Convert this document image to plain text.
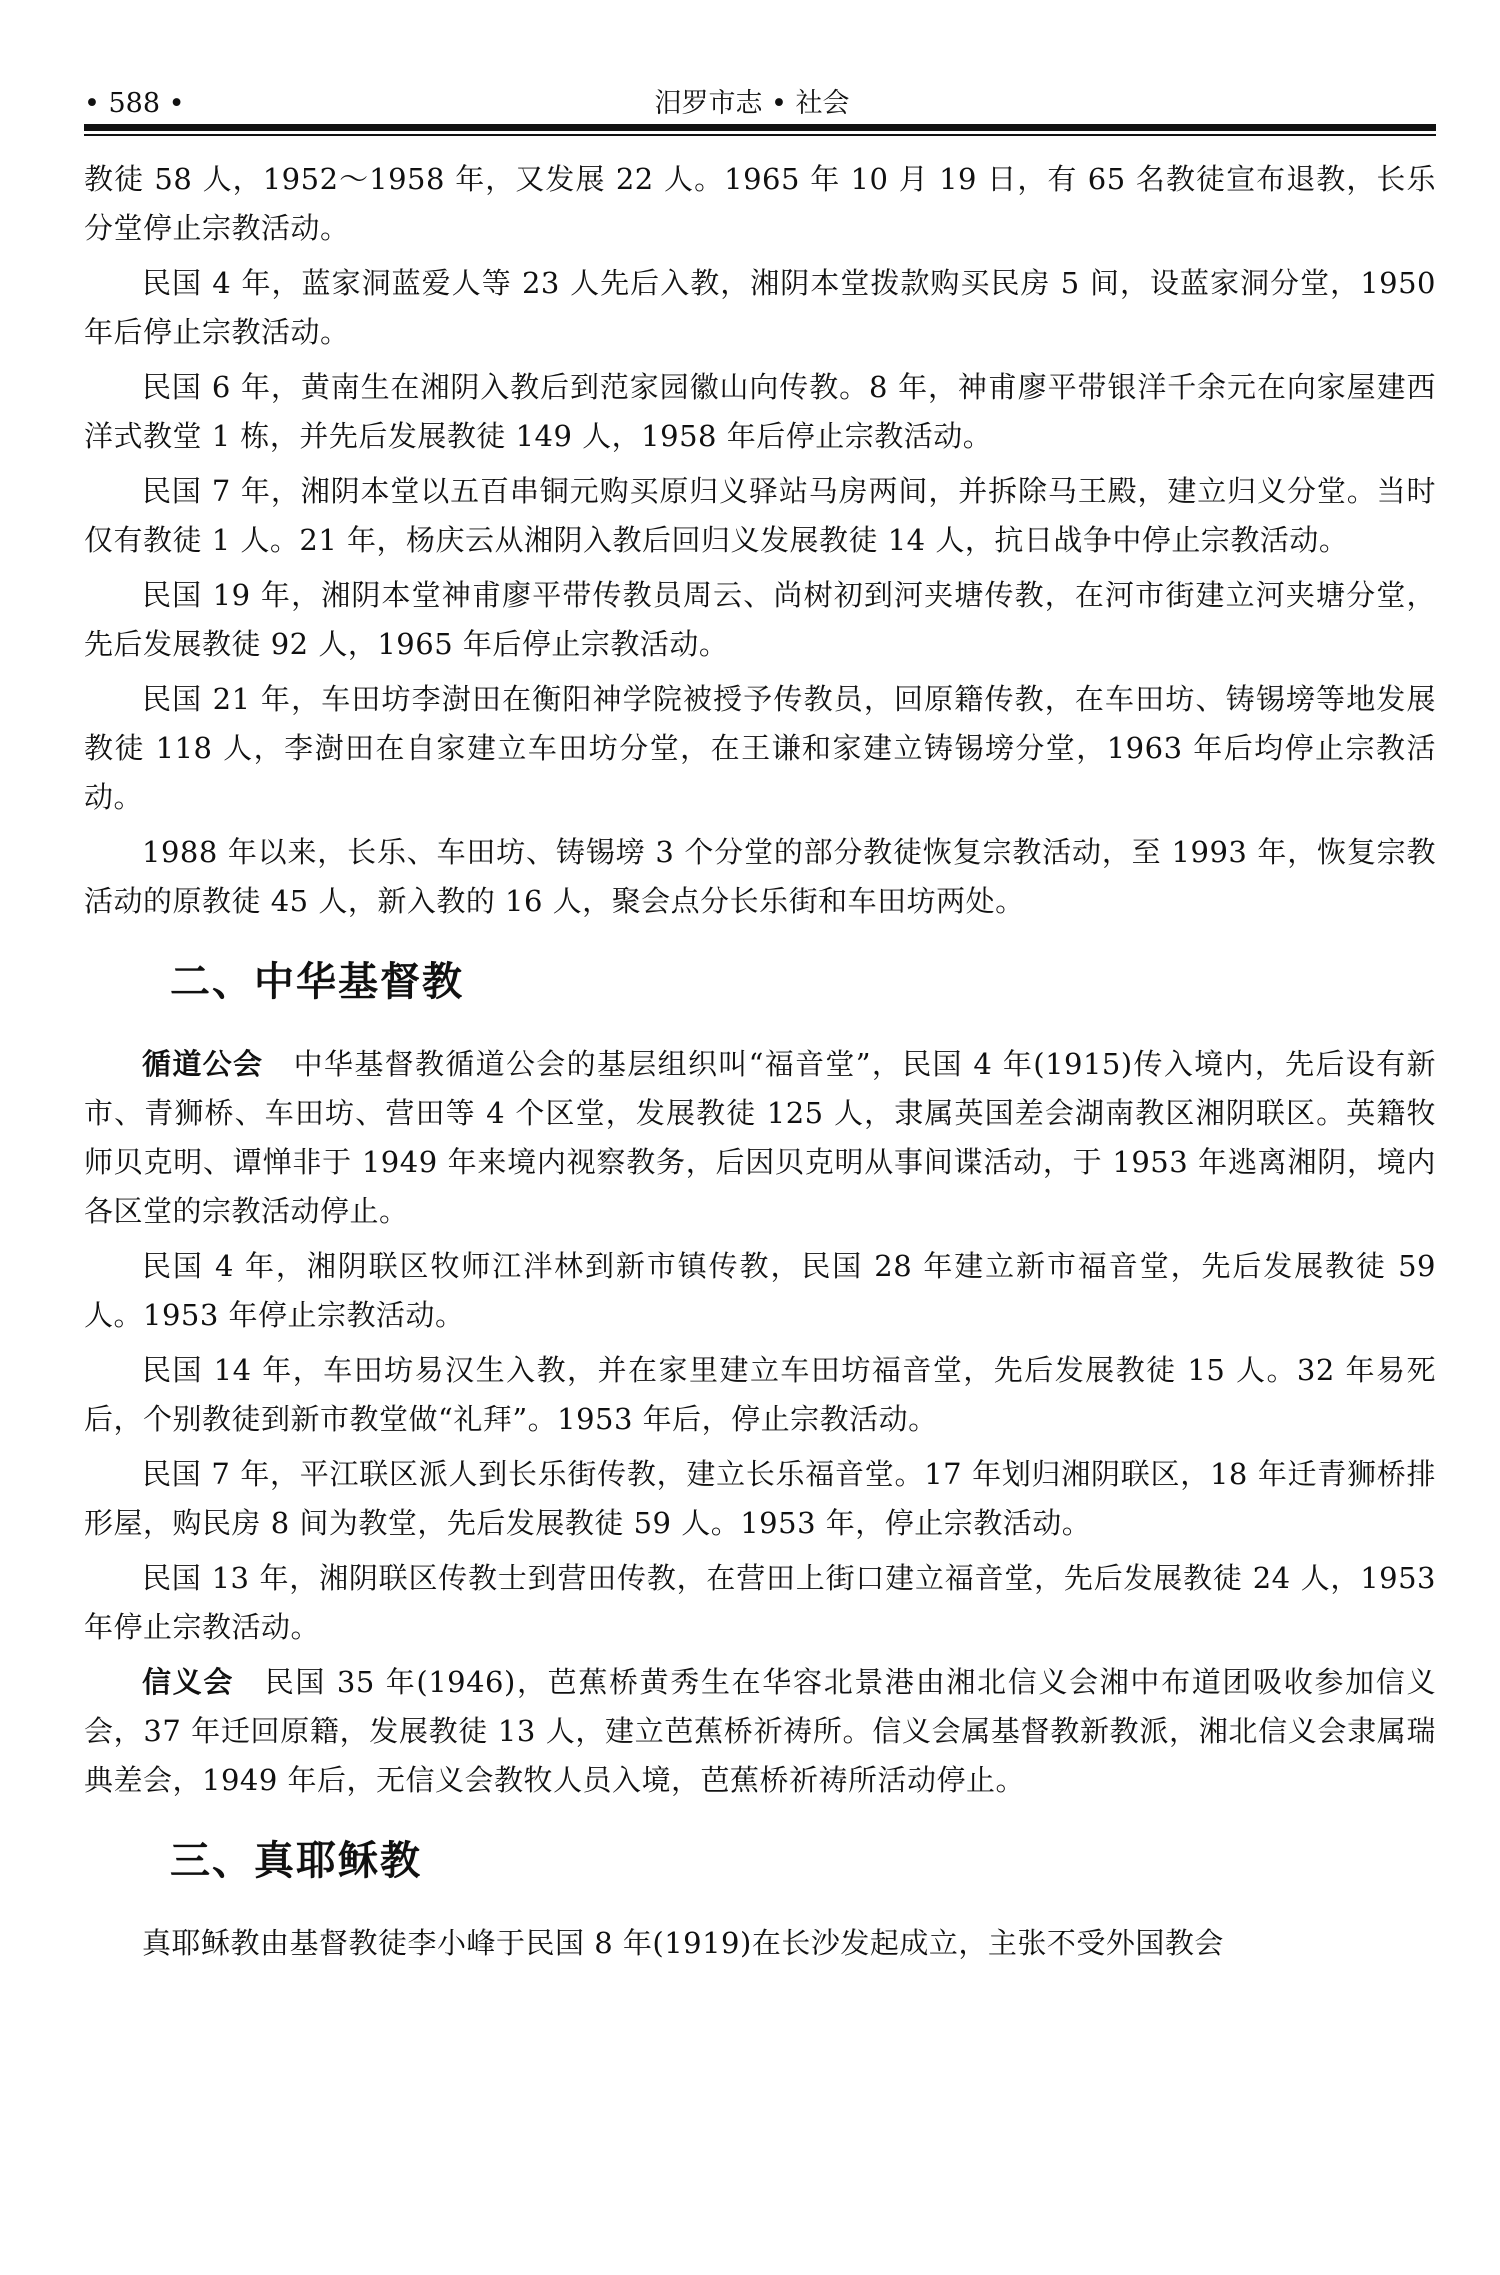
• 588 •	汨罗市志 • 社会

教徒 58 人，1952～1958 年，又发展 22 人。1965 年 10 月 19 日，有 65 名教徒宣布退教，长乐分堂停止宗教活动。

民国 4 年，蓝家洞蓝爱人等 23 人先后入教，湘阴本堂拨款购买民房 5 间，设蓝家洞分堂，1950 年后停止宗教活动。

民国 6 年，黄南生在湘阴入教后到范家园徽山向传教。8 年，神甫廖平带银洋千余元在向家屋建西洋式教堂 1 栋，并先后发展教徒 149 人，1958 年后停止宗教活动。

民国 7 年，湘阴本堂以五百串铜元购买原归义驿站马房两间，并拆除马王殿，建立归义分堂。当时仅有教徒 1 人。21 年，杨庆云从湘阴入教后回归义发展教徒 14 人，抗日战争中停止宗教活动。

民国 19 年，湘阴本堂神甫廖平带传教员周云、尚树初到河夹塘传教，在河市街建立河夹塘分堂，先后发展教徒 92 人，1965 年后停止宗教活动。

民国 21 年，车田坊李澍田在衡阳神学院被授予传教员，回原籍传教，在车田坊、铸锡塝等地发展教徒 118 人，李澍田在自家建立车田坊分堂，在王谦和家建立铸锡塝分堂，1963 年后均停止宗教活动。

1988 年以来，长乐、车田坊、铸锡塝 3 个分堂的部分教徒恢复宗教活动，至 1993 年，恢复宗教活动的原教徒 45 人，新入教的 16 人，聚会点分长乐街和车田坊两处。

二、中华基督教

循道公会　 中华基督教循道公会的基层组织叫“福音堂”，民国 4 年(1915)传入境内，先后设有新市、青狮桥、车田坊、营田等 4 个区堂，发展教徒 125 人，隶属英国差会湖南教区湘阴联区。英籍牧师贝克明、谭惮非于 1949 年来境内视察教务，后因贝克明从事间谍活动，于 1953 年逃离湘阴，境内各区堂的宗教活动停止。

民国 4 年，湘阴联区牧师江泮林到新市镇传教，民国 28 年建立新市福音堂，先后发展教徒 59 人。1953 年停止宗教活动。

民国 14 年，车田坊易汉生入教，并在家里建立车田坊福音堂，先后发展教徒 15 人。32 年易死后，个别教徒到新市教堂做“礼拜”。1953 年后，停止宗教活动。

民国 7 年，平江联区派人到长乐街传教，建立长乐福音堂。17 年划归湘阴联区，18 年迁青狮桥排形屋，购民房 8 间为教堂，先后发展教徒 59 人。1953 年，停止宗教活动。

民国 13 年，湘阴联区传教士到营田传教，在营田上街口建立福音堂，先后发展教徒 24 人，1953 年停止宗教活动。

信义会　 民国 35 年(1946)，芭蕉桥黄秀生在华容北景港由湘北信义会湘中布道团吸收参加信义会，37 年迁回原籍，发展教徒 13 人，建立芭蕉桥祈祷所。信义会属基督教新教派，湘北信义会隶属瑞典差会，1949 年后，无信义会教牧人员入境，芭蕉桥祈祷所活动停止。

三、真耶稣教

真耶稣教由基督教徒李小峰于民国 8 年(1919)在长沙发起成立，主张不受外国教会
